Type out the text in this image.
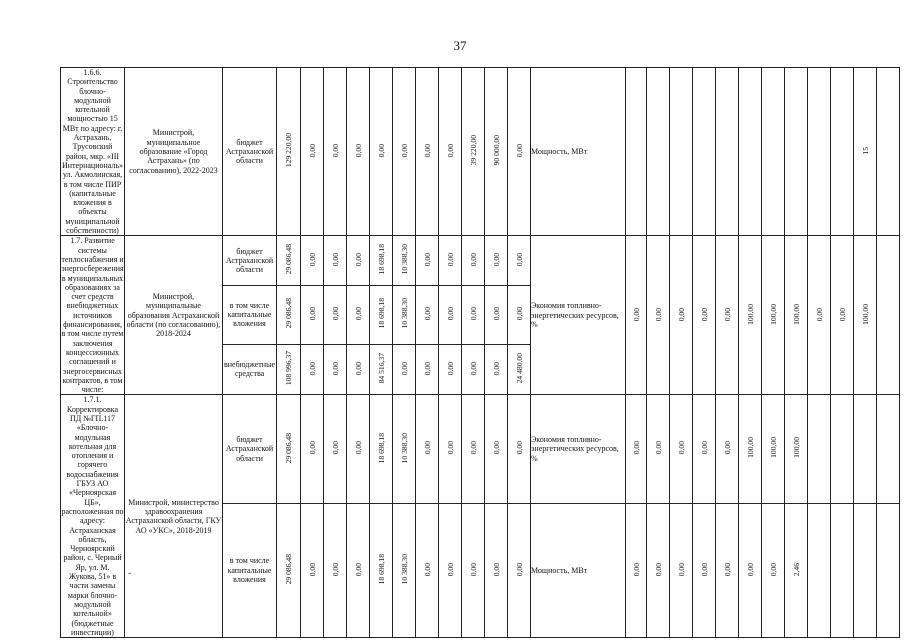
37
1.6.6. Строительство блочно-модульной котельной мощностью 15 МВт по адресу: г. Астрахань, Трусовский район, мкр. «III Интернациональ» ул. Акмолинская, в том числе ПИР (капитальные вложения в объекты муниципальной собственности)	Министрой, муниципальное образование «Город Астрахань» (по согласованию), 2022-2023	бюджет Астраханской области	129 220,00	0,00	0,00	0,00	0,00	0,00	0,00	0,00	39 220,00	90 000,00	0,00	Мощность, МВт											15	
1.7. Развитие системы теплоснабжения и энергосбережения в муниципальных образованиях за счет средств внебюджетных источников финансирования, в том числе путем заключения концессионных соглашений и энергосервисных контрактов, в том числе:	Министрой, муниципальные образования Астраханской области (по согласованию), 2018-2024	бюджет Астраханской области	29 086,48	0,00	0,00	0,00	18 698,18	10 388,30	0,00	0,00	0,00	0,00	0,00	Экономия топливно-энергетических ресурсов, %	0,00	0,00	0,00	0,00	0,00	100,00	100,00	100,00	0,00	0,00	100,00	
		в том числе капитальные вложения	29 086,48	0,00	0,00	0,00	18 698,18	10 388,30	0,00	0,00	0,00	0,00	0,00													
		внебюджетные средства	108 996,37	0,00	0,00	0,00	84 516,37	0,00	0,00	0,00	0,00	0,00	24 480,00													
1.7.1. Корректировка ПД №ГП.117 «Блочно-модульная котельная для отопления и горячего водоснабжения ГБУЗ АО «Черноярская ЦБ», расположенная по адресу: Астраханская область, Черноярский район, с. Черный Яр, ул. М. Жукова, 51» в части замены марки блочно-модульной котельной» (бюджетные инвестиции)	Министрой, министерство здравоохранения Астраханской области, ГКУ АО «УКС», 2018-2019	бюджет Астраханской области	29 086,48	0,00	0,00	0,00	18 698,18	10 388,30	0,00	0,00	0,00	0,00	0,00	Экономия топливно-энергетических ресурсов, %	0,00	0,00	0,00	0,00	0,00	100,00	100,00	100,00				
		в том числе капитальные вложения	29 086,48	0,00	0,00	0,00	18 698,18	10 388,30	0,00	0,00	0,00	0,00	0,00	Мощность, МВт	0,00	0,00	0,00	0,00	0,00	0,00	0,00	2,46				
-
